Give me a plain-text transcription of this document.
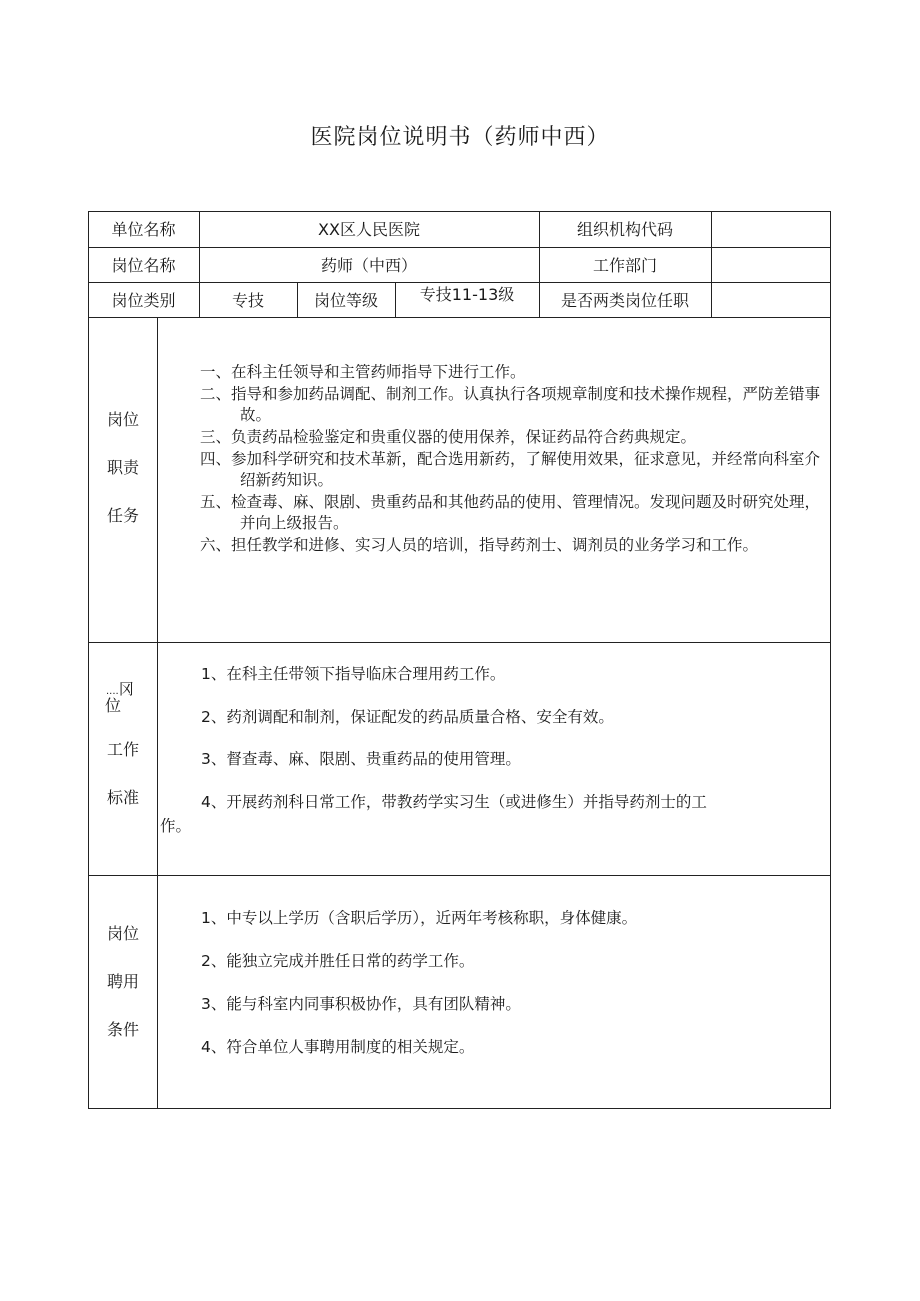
医院岗位说明书（药师中西）
单位名称	XX区人民医院	组织机构代码
岗位名称	药师（中西）	工作部门
岗位类别	专技	岗位等级	专技11-13级	是否两类岗位任职
岗位
职责
任务
一、在科主任领导和主管药师指导下进行工作。
二、指导和参加药品调配、制剂工作。认真执行各项规章制度和技术操作规程，严防差错事故。
三、负责药品检验鉴定和贵重仪器的使用保养，保证药品符合药典规定。
四、参加科学研究和技术革新，配合选用新药，了解使用效果，征求意见，并经常向科室介绍新药知识。
五、检查毒、麻、限剧、贵重药品和其他药品的使用、管理情况。发现问题及时研究处理，并向上级报告。
六、担任教学和进修、实习人员的培训，指导药剂士、调剂员的业务学习和工作。
....冈
位
工作
标准
1、在科主任带领下指导临床合理用药工作。
2、药剂调配和制剂，保证配发的药品质量合格、安全有效。
3、督查毒、麻、限剧、贵重药品的使用管理。
4、开展药剂科日常工作，带教药学实习生（或进修生）并指导药剂士的工
作。
岗位
聘用
条件
1、中专以上学历（含职后学历），近两年考核称职，身体健康。
2、能独立完成并胜任日常的药学工作。
3、能与科室内同事积极协作，具有团队精神。
4、符合单位人事聘用制度的相关规定。
